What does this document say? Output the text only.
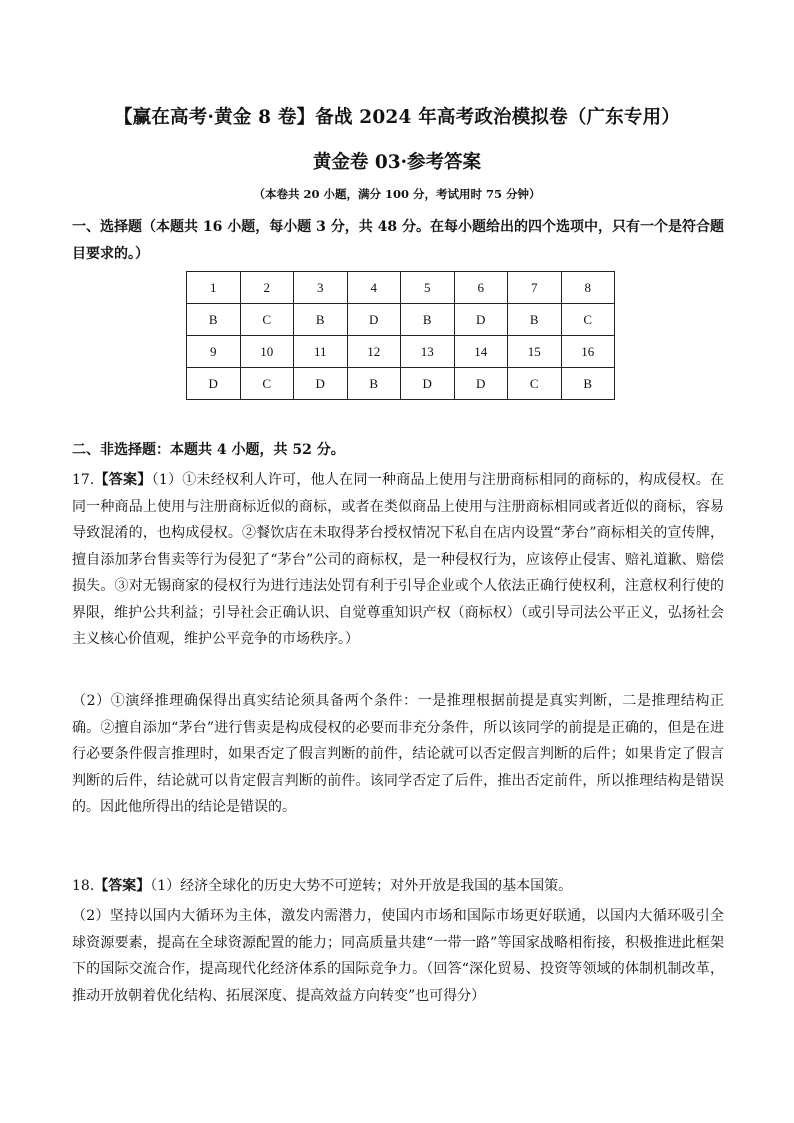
【赢在高考·黄金 8 卷】备战 2024 年高考政治模拟卷（广东专用）
黄金卷 03·参考答案
（本卷共 20 小题，满分 100 分，考试用时 75 分钟）
一、选择题（本题共 16 小题，每小题 3 分，共 48 分。在每小题给出的四个选项中，只有一个是符合题目要求的。）
1	2	3	4	5	6	7	8
B	C	B	D	B	D	B	C
9	10	11	12	13	14	15	16
D	C	D	B	D	D	C	B
二、非选择题：本题共 4 小题，共 52 分。
17.【答案】（1）①未经权利人许可，他人在同一种商品上使用与注册商标相同的商标的，构成侵权。在同一种商品上使用与注册商标近似的商标，或者在类似商品上使用与注册商标相同或者近似的商标，容易导致混淆的，也构成侵权。②餐饮店在未取得茅台授权情况下私自在店内设置“茅台”商标相关的宣传牌，擅自添加茅台售卖等行为侵犯了“茅台”公司的商标权，是一种侵权行为，应该停止侵害、赔礼道歉、赔偿损失。③对无锡商家的侵权行为进行违法处罚有利于引导企业或个人依法正确行使权利，注意权利行使的界限，维护公共利益；引导社会正确认识、自觉尊重知识产权（商标权）（或引导司法公平正义，弘扬社会主义核心价值观，维护公平竞争的市场秩序。）
（2）①演绎推理确保得出真实结论须具备两个条件：一是推理根据前提是真实判断，二是推理结构正确。②擅自添加“茅台”进行售卖是构成侵权的必要而非充分条件，所以该同学的前提是正确的，但是在进行必要条件假言推理时，如果否定了假言判断的前件，结论就可以否定假言判断的后件；如果肯定了假言判断的后件，结论就可以肯定假言判断的前件。该同学否定了后件，推出否定前件，所以推理结构是错误的。因此他所得出的结论是错误的。
18.【答案】（1）经济全球化的历史大势不可逆转；对外开放是我国的基本国策。
（2）坚持以国内大循环为主体，激发内需潜力，使国内市场和国际市场更好联通，以国内大循环吸引全球资源要素，提高在全球资源配置的能力；同高质量共建“一带一路”等国家战略相衔接，积极推进此框架下的国际交流合作，提高现代化经济体系的国际竞争力。（回答“深化贸易、投资等领域的体制机制改革，推动开放朝着优化结构、拓展深度、提高效益方向转变”也可得分）
